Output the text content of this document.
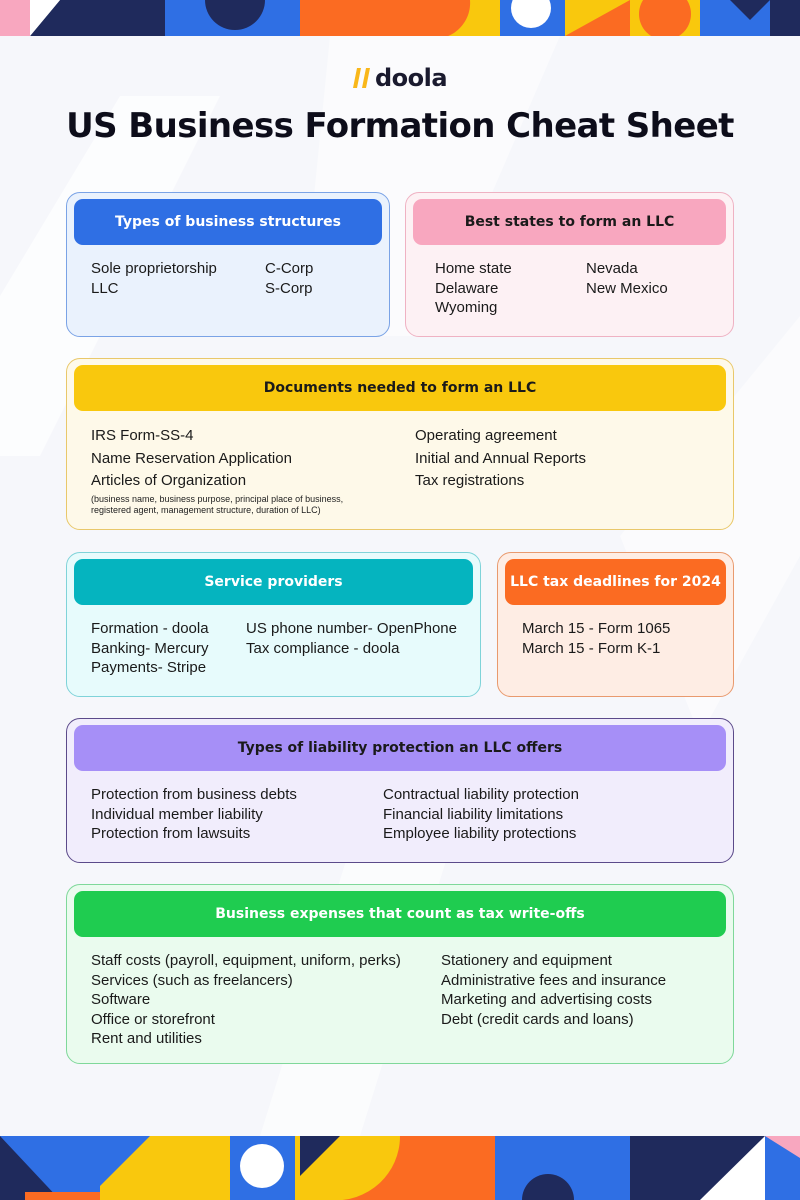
doola
US Business Formation Cheat Sheet
Types of business structures
Sole proprietorship
LLC
C-Corp
S-Corp
Best states to form an LLC
Home state
Delaware
Wyoming
Nevada
New Mexico
Documents needed to form an LLC
IRS Form-SS-4
Name Reservation Application
Articles of Organization
(business name, business purpose, principal place of business, registered agent, management structure, duration of LLC)
Operating agreement
Initial and Annual Reports
Tax registrations
Service providers
Formation - doola
Banking- Mercury
Payments- Stripe
US phone number- OpenPhone
Tax compliance - doola
LLC tax deadlines for 2024
March 15 - Form 1065
March 15 - Form K-1
Types of liability protection an LLC offers
Protection from business debts
Individual member liability
Protection from lawsuits
Contractual liability protection
Financial liability limitations
Employee liability protections
Business expenses that count as tax write-offs
Staff costs (payroll, equipment, uniform, perks)
Services (such as freelancers)
Software
Office or storefront
Rent and utilities
Stationery and equipment
Administrative fees and insurance
Marketing and advertising costs
Debt (credit cards and loans)
